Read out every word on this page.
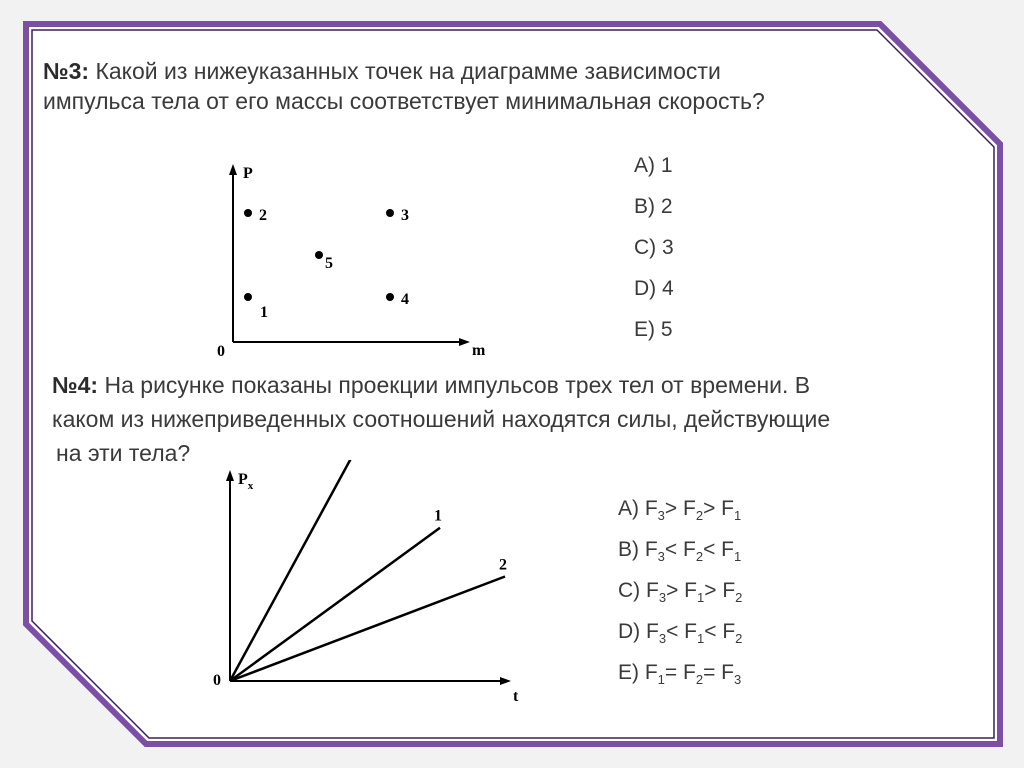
№3: Какой из нижеуказанных точек на диаграмме зависимости
импульса тела от его массы соответствует минимальная скорость?
P
m
0
1
2	3
4
5
A) 1
B) 2
C) 3
D) 4
E) 5
№4: На рисунке показаны проекции импульсов трех тел от времени. В
каком из нижеприведенных соотношений находятся силы, действующие
на эти тела?
$P_x$
t
0
1
2
A) $F_3> F_2> F_1$
B) $F_3< F_2< F_1$
C) $F_3> F_1> F_2$
D) $F_3< F_1< F_2$
E) $F_1= F_2= F_3$
